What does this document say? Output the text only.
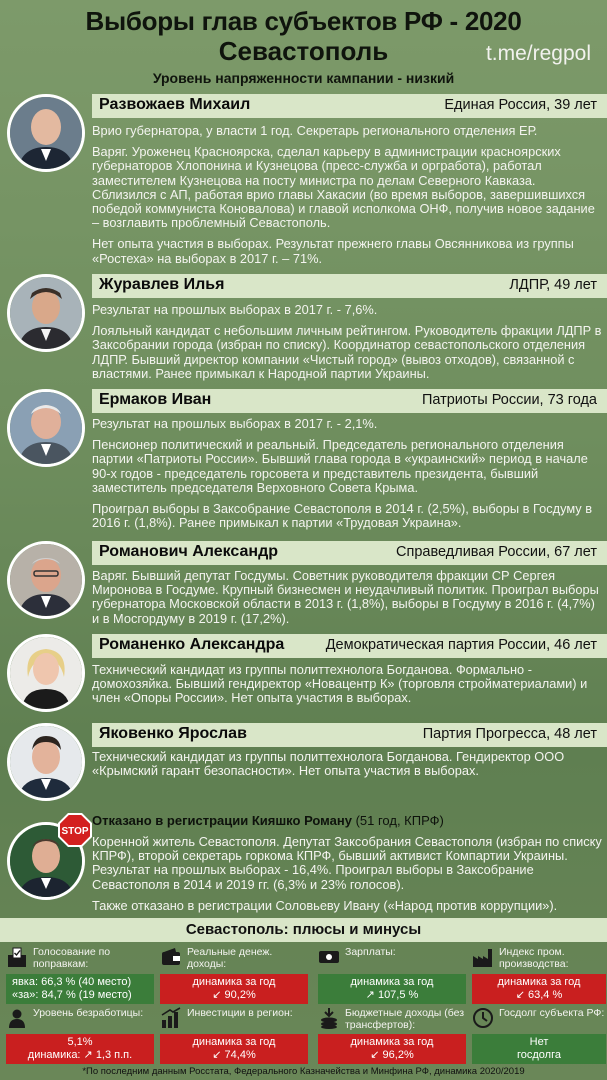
Выборы глав субъектов РФ - 2020
Севастополь	t.me/regpol
Уровень напряженности кампании - низкий
Развожаев Михаил	Единая Россия, 39 лет

Врио губернатора, у власти 1 год. Секретарь регионального отделения ЕР.

Варяг. Уроженец Красноярска, сделал карьеру в администрации красноярских губернаторов Хлопонина и Кузнецова (пресс-служба и оргработа), работал заместителем Кузнецова на посту министра по делам Северного Кавказа. Сблизился с АП, работая врио главы Хакасии (во время выборов, завершившихся победой коммуниста Коновалова) и главой исполкома ОНФ, получив новое задание – возглавить проблемный Севастополь.

Нет опыта участия в выборах. Результат прежнего главы Овсянникова из группы «Ростеха» на выборах в 2017 г. – 71%.

Журавлев Илья	ЛДПР, 49 лет

Результат на прошлых выборах в 2017 г. - 7,6%.

Лояльный кандидат с небольшим личным рейтингом. Руководитель фракции ЛДПР в Заксобрании города (избран по списку). Координатор севастопольского отделения ЛДПР. Бывший директор компании «Чистый город» (вывоз отходов), связанной с властями. Ранее примыкал к Народной партии Украины.

Ермаков Иван	Патриоты России, 73 года

Результат на прошлых выборах в 2017 г. - 2,1%.

Пенсионер политический и реальный. Председатель регионального отделения партии «Патриоты России». Бывший глава города в «украинский» период в начале 90-х годов - председатель горсовета и представитель президента, бывший заместитель председателя Верховного Совета Крыма.

Проиграл выборы в Заксобрание Севастополя в 2014 г. (2,5%), выборы в Госдуму в 2016 г. (1,8%). Ранее примыкал к партии «Трудовая Украина».

Романович Александр	Справедливая России, 67 лет

Варяг. Бывший депутат Госдумы. Советник руководителя фракции СР Сергея Миронова в Госдуме. Крупный бизнесмен и неудачливый политик. Проиграл выборы губернатора Московской области в 2013 г. (1,8%), выборы в Госдуму в 2016 г. (4,7%) и в Мосгордуму в 2019 г. (17,2%).

Романенко Александра	Демократическая партия России, 46 лет

Технический кандидат из группы политтехнолога Богданова. Формально - домохозяйка. Бывший гендиректор «Новацентр К» (торговля стройматериалами) и член «Опоры России». Нет опыта участия в выборах.

Яковенко Ярослав	Партия Прогресса, 48 лет

Технический кандидат из группы политтехнолога Богданова. Гендиректор ООО «Крымский гарант безопасности». Нет опыта участия в выборах.

STOP
Отказано в регистрации Кияшко Роману (51 год, КПРФ)

Коренной житель Севастополя. Депутат Заксобрания Севастополя (избран по списку КПРФ), второй секретарь горкома КПРФ, бывший активист Компартии Украины. Результат на прошлых выборах - 16,4%. Проиграл выборы в Заксобрание Севастополя в 2014 и 2019 гг. (6,3% и 23% голосов).

Также отказано в регистрации Соловьеву Ивану («Народ против коррупции»).

Севастополь: плюсы и минусы
Голосование по поправкам:
явка: 66,3 % (40 место)
«за»: 84,7 % (19 место)
Реальные денеж. доходы:
динамика за год
↙ 90,2%
Зарплаты:
динамика за год
↗ 107,5 %
Индекс пром. производства:
динамика за год
↙ 63,4 %
Уровень безработицы:
5,1%
динамика: ↗ 1,3 п.п.
Инвестиции в регион:
динамика за год
↙ 74,4%
Бюджетные доходы (без трансфертов):
динамика за год
↙ 96,2%
Госдолг субъекта РФ:
Нет
госдолга
*По последним данным Росстата, Федерального Казначейства и Минфина РФ, динамика 2020/2019
